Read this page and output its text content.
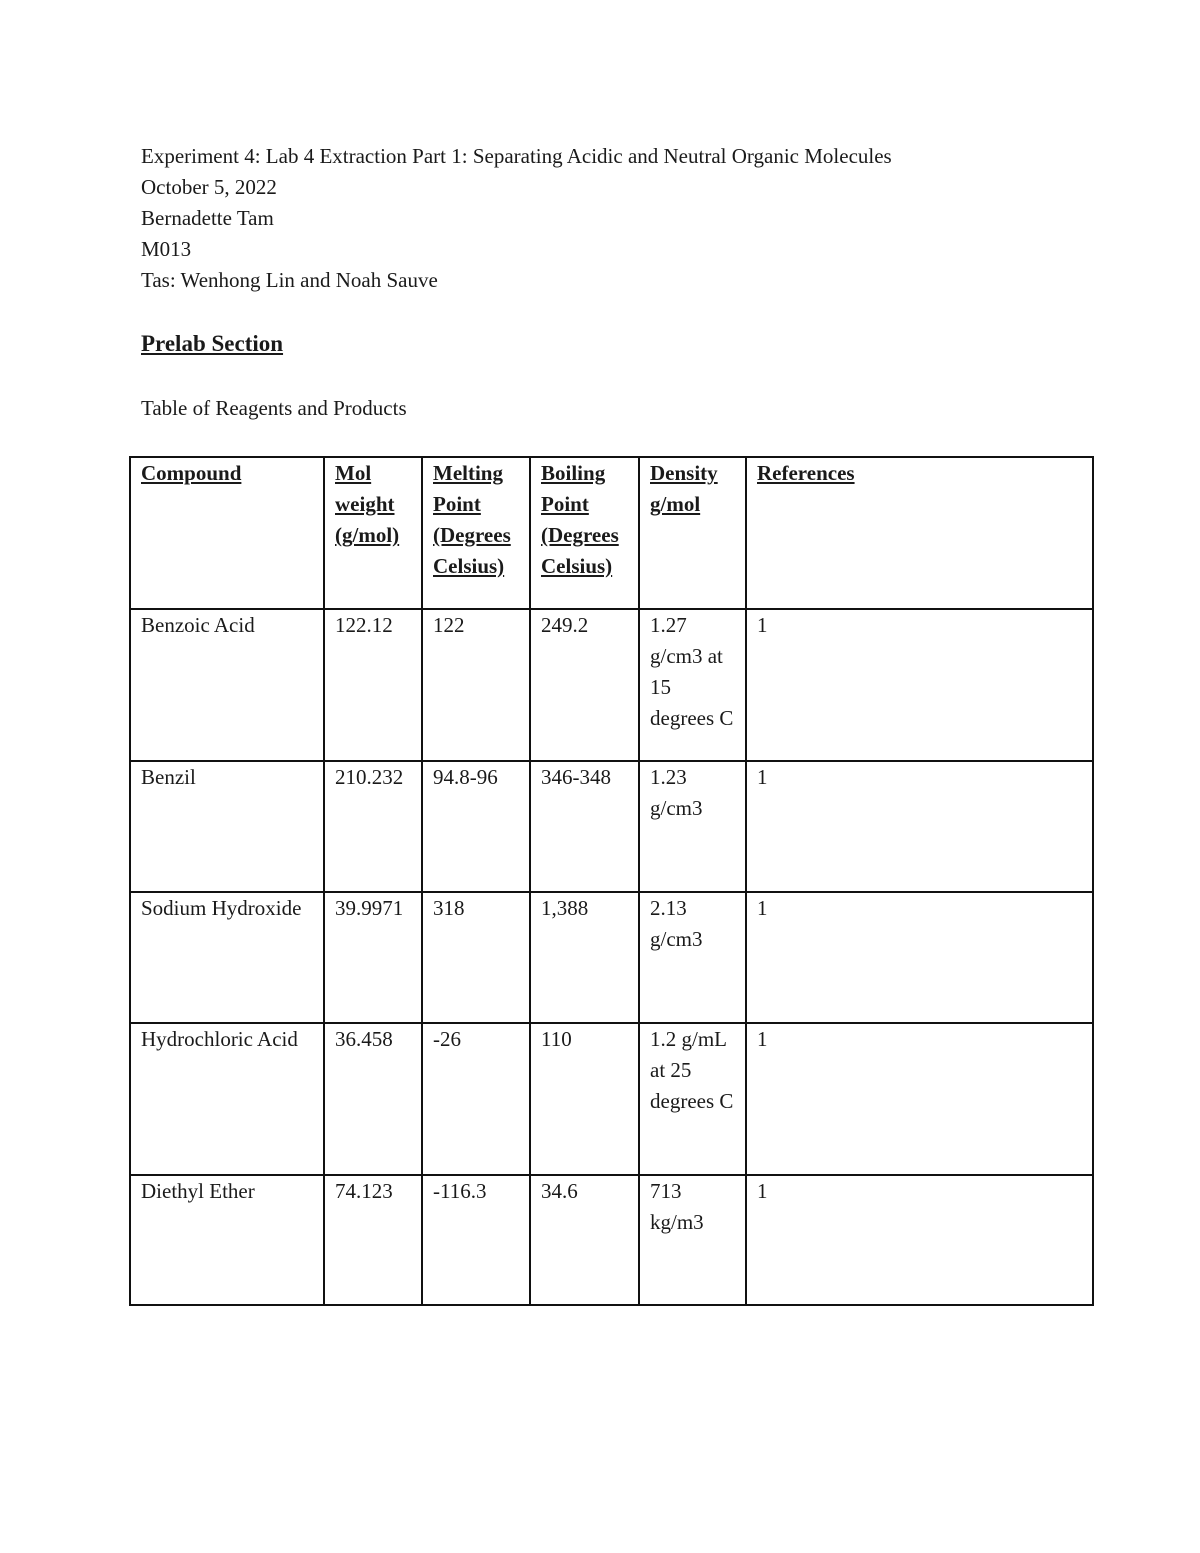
Experiment 4: Lab 4 Extraction Part 1: Separating Acidic and Neutral Organic Molecules
October 5, 2022
Bernadette Tam
M013
Tas: Wenhong Lin and Noah Sauve
Prelab Section
Table of Reagents and Products
Compound	Mol weight (g/mol)	Melting Point (Degrees Celsius)	Boiling Point (Degrees Celsius)	Density g/mol	References
Benzoic Acid	122.12	122	249.2	1.27 g/cm3 at 15 degrees C	1
Benzil	210.232	94.8-96	346-348	1.23 g/cm3	1
Sodium Hydroxide	39.9971	318	1,388	2.13 g/cm3	1
Hydrochloric Acid	36.458	-26	110	1.2 g/mL at 25 degrees C	1
Diethyl Ether	74.123	-116.3	34.6	713 kg/m3	1
